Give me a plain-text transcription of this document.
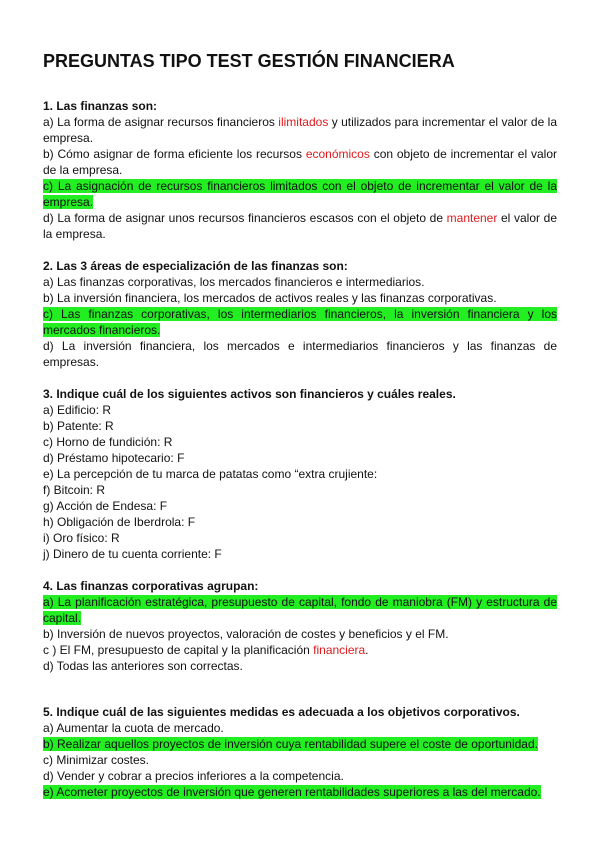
PREGUNTAS TIPO TEST GESTIÓN FINANCIERA

1. Las finanzas son:

a) La forma de asignar recursos financieros ilimitados y utilizados para incrementar el valor de la empresa.

b) Cómo asignar de forma eficiente los recursos económicos con objeto de incrementar el valor de la empresa.

c) La asignación de recursos financieros limitados con el objeto de incrementar el valor de la empresa.

d) La forma de asignar unos recursos financieros escasos con el objeto de mantener el valor de la empresa.

2. Las 3 áreas de especialización de las finanzas son:

a) Las finanzas corporativas, los mercados financieros e intermediarios.

b) La inversión financiera, los mercados de activos reales y las finanzas corporativas.

c) Las finanzas corporativas, los intermediarios financieros, la inversión financiera y los mercados financieros.

d) La inversión financiera, los mercados e intermediarios financieros y las finanzas de empresas.

3. Indique cuál de los siguientes activos son financieros y cuáles reales.

a) Edificio: R

b) Patente: R

c) Horno de fundición: R

d) Préstamo hipotecario: F

e) La percepción de tu marca de patatas como “extra crujiente:

f) Bitcoin: R

g) Acción de Endesa: F

h) Obligación de Iberdrola: F

i) Oro físico: R

j) Dinero de tu cuenta corriente: F

4. Las finanzas corporativas agrupan:

a) La planificación estratégica, presupuesto de capital, fondo de maniobra (FM) y estructura de capital.

b) Inversión de nuevos proyectos, valoración de costes y beneficios y el FM.

c ) El FM, presupuesto de capital y la planificación financiera.

d) Todas las anteriores son correctas.

5. Indique cuál de las siguientes medidas es adecuada a los objetivos corporativos.

a) Aumentar la cuota de mercado.

b) Realizar aquellos proyectos de inversión cuya rentabilidad supere el coste de oportunidad.

c) Minimizar costes.

d) Vender y cobrar a precios inferiores a la competencia.

e) Acometer proyectos de inversión que generen rentabilidades superiores a las del mercado.
